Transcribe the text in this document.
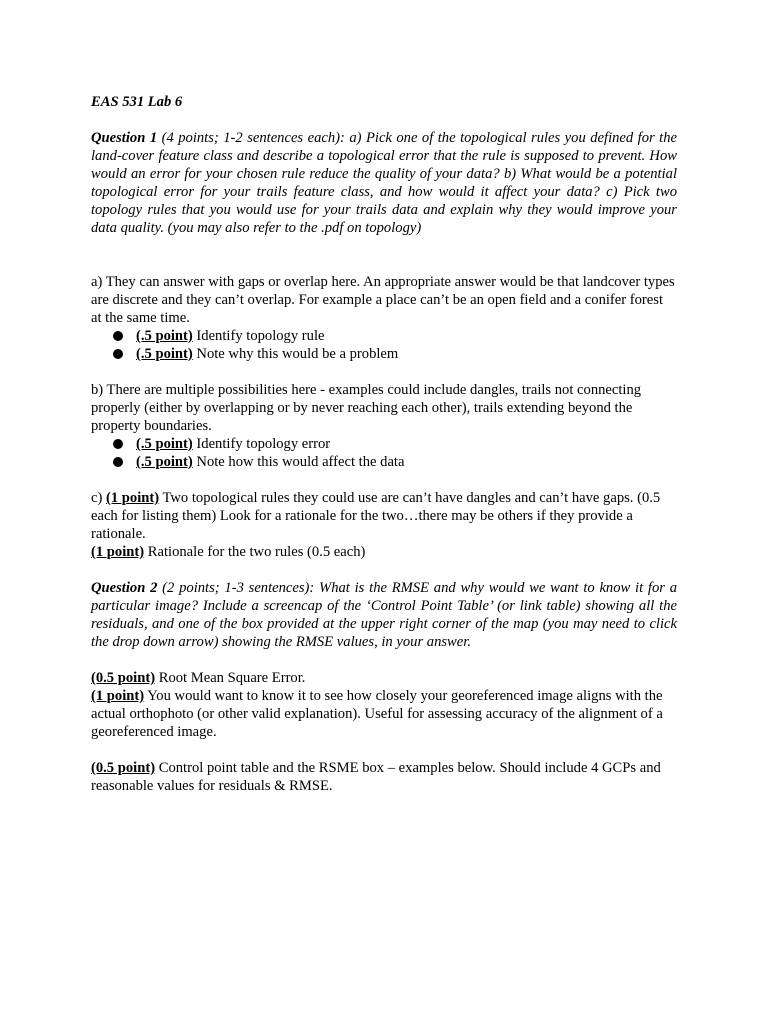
EAS 531 Lab 6

Question 1 (4 points; 1-2 sentences each): a) Pick one of the topological rules you defined for the land-cover feature class and describe a topological error that the rule is supposed to prevent. How would an error for your chosen rule reduce the quality of your data? b) What would be a potential topological error for your trails feature class, and how would it affect your data? c) Pick two topology rules that you would use for your trails data and explain why they would improve your data quality. (you may also refer to the .pdf on topology)

a) They can answer with gaps or overlap here. An appropriate answer would be that landcover types are discrete and they can’t overlap. For example a place can’t be an open field and a conifer forest at the same time.

(.5 point) Identify topology rule
(.5 point) Note why this would be a problem

b) There are multiple possibilities here - examples could include dangles, trails not connecting properly (either by overlapping or by never reaching each other), trails extending beyond the property boundaries.

(.5 point) Identify topology error
(.5 point) Note how this would affect the data

c) (1 point) Two topological rules they could use are can’t have dangles and can’t have gaps. (0.5 each for listing them) Look for a rationale for the two…there may be others if they provide a rationale.

(1 point) Rationale for the two rules (0.5 each)

Question 2 (2 points; 1-3 sentences): What is the RMSE and why would we want to know it for a particular image? Include a screencap of the ‘Control Point Table’ (or link table) showing all the residuals, and one of the box provided at the upper right corner of the map (you may need to click the drop down arrow) showing the RMSE values, in your answer.

(0.5 point) Root Mean Square Error.

(1 point) You would want to know it to see how closely your georeferenced image aligns with the actual orthophoto (or other valid explanation). Useful for assessing accuracy of the alignment of a georeferenced image.

(0.5 point) Control point table and the RSME box – examples below. Should include 4 GCPs and reasonable values for residuals & RMSE.
